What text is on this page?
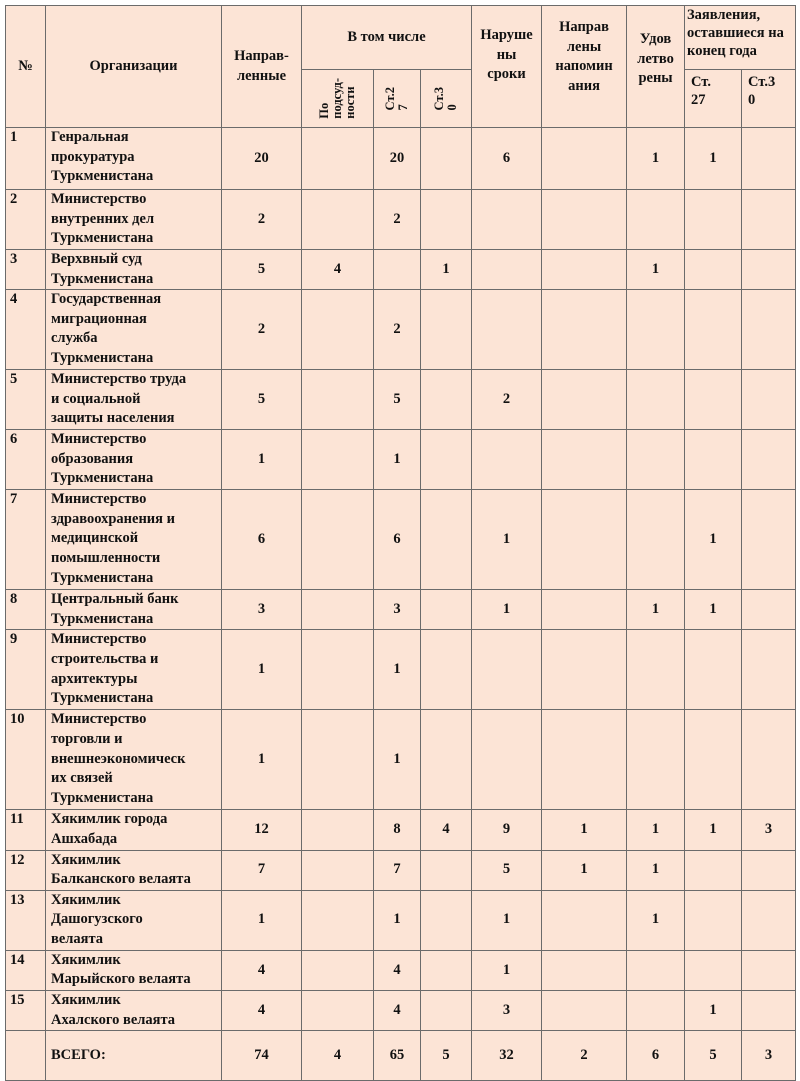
№	Организации	Направ-
ленные	В том числе			Наруше
ны
сроки	Направ
лены
напомин
ания	Удов
летво
рены	Заявления,
оставшиеся на
конец года	

			По
подсуд-
ности	Ст.2
7	Ст.3
0				Ст.
27	Ст.3
0
1	Генральная
прокуратура
Туркменистана	20		20		6		1	1	
2	Министерство
внутренних дел
Туркменистана	2		2						
3	Верхвный суд
Туркменистана	5	4		1			1		
4	Государственная
миграционная
служба
Туркменистана	2		2						
5	Министерство труда
и социальной
защиты населения	5		5		2				
6	Министерство
образования
Туркменистана	1		1						
7	Министерство
здравоохранения и
медицинской
помышленности
Туркменистана	6		6		1			1	
8	Центральный банк
Туркменистана	3		3		1		1	1	
9	Министерство
строительства и
архитектуры
Туркменистана	1		1						
10	Министерство
торговли и
внешнеэкономическ
их связей
Туркменистана	1		1						
11	Хякимлик города
Ашхабада	12		8	4	9	1	1	1	3
12	Хякимлик
Балканского велаята	7		7		5	1	1		
13	Хякимлик
Дашогузского
велаята	1		1		1		1		
14	Хякимлик
Марыйского велаята	4		4		1				
15	Хякимлик
Ахалского велаята	4		4		3			1	
	ВСЕГО:	74	4	65	5	32	2	6	5	3
